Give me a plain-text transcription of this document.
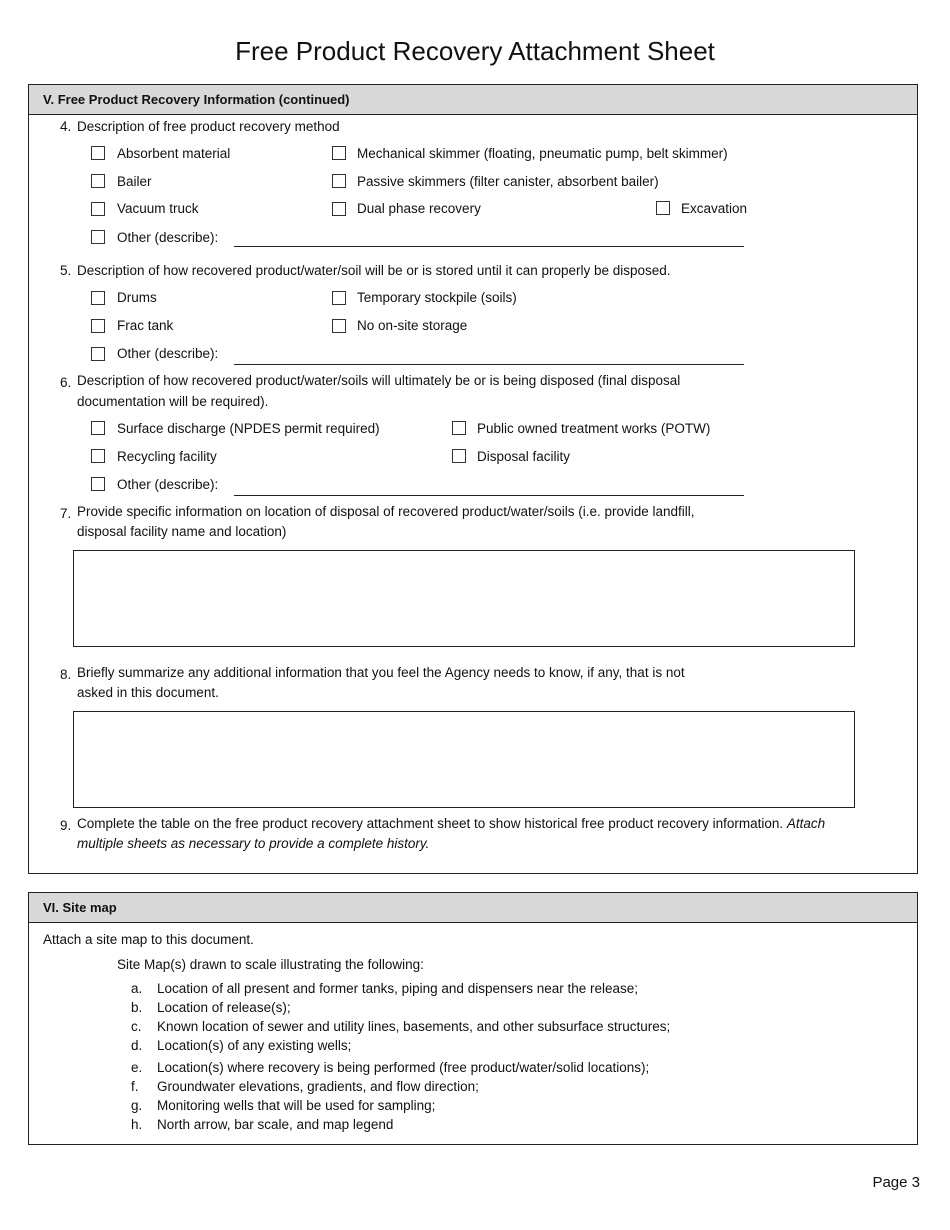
Free Product Recovery Attachment Sheet
V. Free Product Recovery Information (continued)
4. Description of free product recovery method
Absorbent material	Mechanical skimmer (floating, pneumatic pump, belt skimmer)
Bailer	Passive skimmers (filter canister, absorbent bailer)
Vacuum truck	Dual phase recovery	Excavation
Other (describe):
5. Description of how recovered product/water/soil will be or is stored until it can properly be disposed.
Drums	Temporary stockpile (soils)
Frac tank	No on-site storage
Other (describe):
6. Description of how recovered product/water/soils will ultimately be or is being disposed (final disposal
documentation will be required).
Surface discharge (NPDES permit required)	Public owned treatment works (POTW)
Recycling facility	Disposal facility
Other (describe):
7. Provide specific information on location of disposal of recovered product/water/soils (i.e. provide landfill,
disposal facility name and location)
8. Briefly summarize any additional information that you feel the Agency needs to know, if any, that is not
asked in this document.
9. Complete the table on the free product recovery attachment sheet to show historical free product recovery information. Attach
multiple sheets as necessary to provide a complete history.
VI. Site map
Attach a site map to this document.
Site Map(s) drawn to scale illustrating the following:
a. Location of all present and former tanks, piping and dispensers near the release;
b. Location of release(s);
c. Known location of sewer and utility lines, basements, and other subsurface structures;
d. Location(s) of any existing wells;
e. Location(s) where recovery is being performed (free product/water/solid locations);
f. Groundwater elevations, gradients, and flow direction;
g. Monitoring wells that will be used for sampling;
h. North arrow, bar scale, and map legend
Page 3
